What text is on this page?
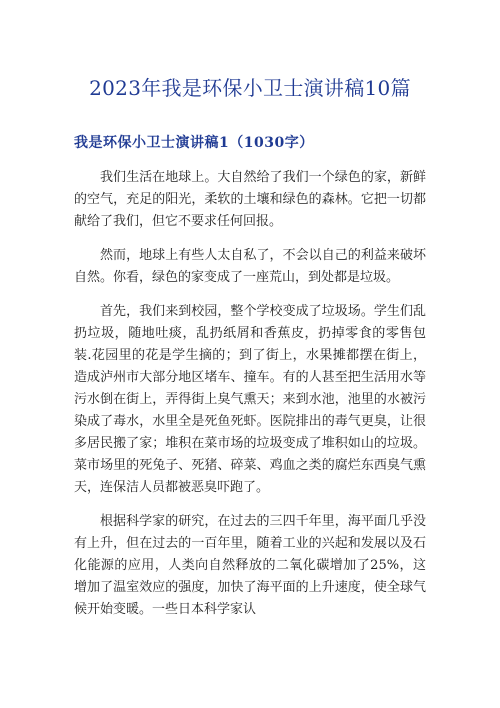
2023年我是环保小卫士演讲稿10篇
我是环保小卫士演讲稿1（1030字）

我们生活在地球上。大自然给了我们一个绿色的家，新鲜的空气，充足的阳光，柔软的土壤和绿色的森林。它把一切都献给了我们，但它不要求任何回报。

然而，地球上有些人太自私了，不会以自己的利益来破坏自然。你看，绿色的家变成了一座荒山，到处都是垃圾。

首先，我们来到校园，整个学校变成了垃圾场。学生们乱扔垃圾，随地吐痰，乱扔纸屑和香蕉皮，扔掉零食的零售包装.花园里的花是学生摘的；到了街上，水果摊都摆在街上，造成泸州市大部分地区堵车、撞车。有的人甚至把生活用水等污水倒在街上，弄得街上臭气熏天；来到水池，池里的水被污染成了毒水，水里全是死鱼死虾。医院排出的毒气更臭，让很多居民搬了家；堆积在菜市场的垃圾变成了堆积如山的垃圾。菜市场里的死兔子、死猪、碎菜、鸡血之类的腐烂东西臭气熏天，连保洁人员都被恶臭吓跑了。

根据科学家的研究，在过去的三四千年里，海平面几乎没有上升，但在过去的一百年里，随着工业的兴起和发展以及石化能源的应用，人类向自然释放的二氧化碳增加了25%，这增加了温室效应的强度，加快了海平面的上升速度，使全球气候开始变暖。一些日本科学家认
